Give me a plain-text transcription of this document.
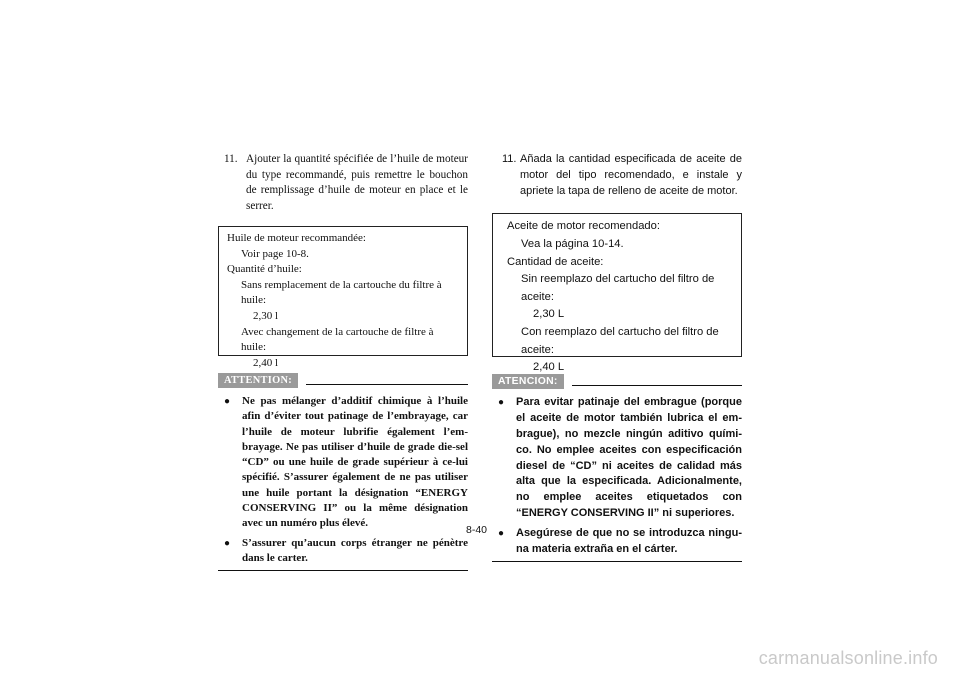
11. Ajouter la quantité spécifiée de l’huile de moteur du type recommandé, puis remettre le bouchon de remplissage d’huile de moteur en place et le serrer.
Huile de moteur recommandée:
Voir page 10-8.
Quantité d’huile:
Sans remplacement de la cartouche du filtre à huile:
2,30 l
Avec changement de la cartouche de filtre à huile:
2,40 l
ATTENTION:
● Ne pas mélanger d’additif chimique à l’huile afin d’éviter tout patinage de l’embrayage, car l’huile de moteur lubrifie également l’em-brayage. Ne pas utiliser d’huile de grade die-sel “CD” ou une huile de grade supérieur à ce-lui spécifié. S’assurer également de ne pas utiliser une huile portant la désignation “ENERGY CONSERVING II” ou la même désignation avec un numéro plus élevé.
● S’assurer qu’aucun corps étranger ne pénètre dans le carter.
11. Añada la cantidad especificada de aceite de motor del tipo recomendado, e instale y apriete la tapa de relleno de aceite de motor.
Aceite de motor recomendado:
Vea la página 10-14.
Cantidad de aceite:
Sin reemplazo del cartucho del filtro de aceite:
2,30 L
Con reemplazo del cartucho del filtro de aceite:
2,40 L
ATENCION:
● Para evitar patinaje del embrague (porque el aceite de motor también lubrica el em-brague), no mezcle ningún aditivo quími-co. No emplee aceites con especificación diesel de “CD” ni aceites de calidad más alta que la especificada. Adicionalmente, no emplee aceites etiquetados con “ENERGY CONSERVING II” ni superiores.
● Asegúrese de que no se introduzca ningu-na materia extraña en el cárter.
8-40
carmanualsonline.info
